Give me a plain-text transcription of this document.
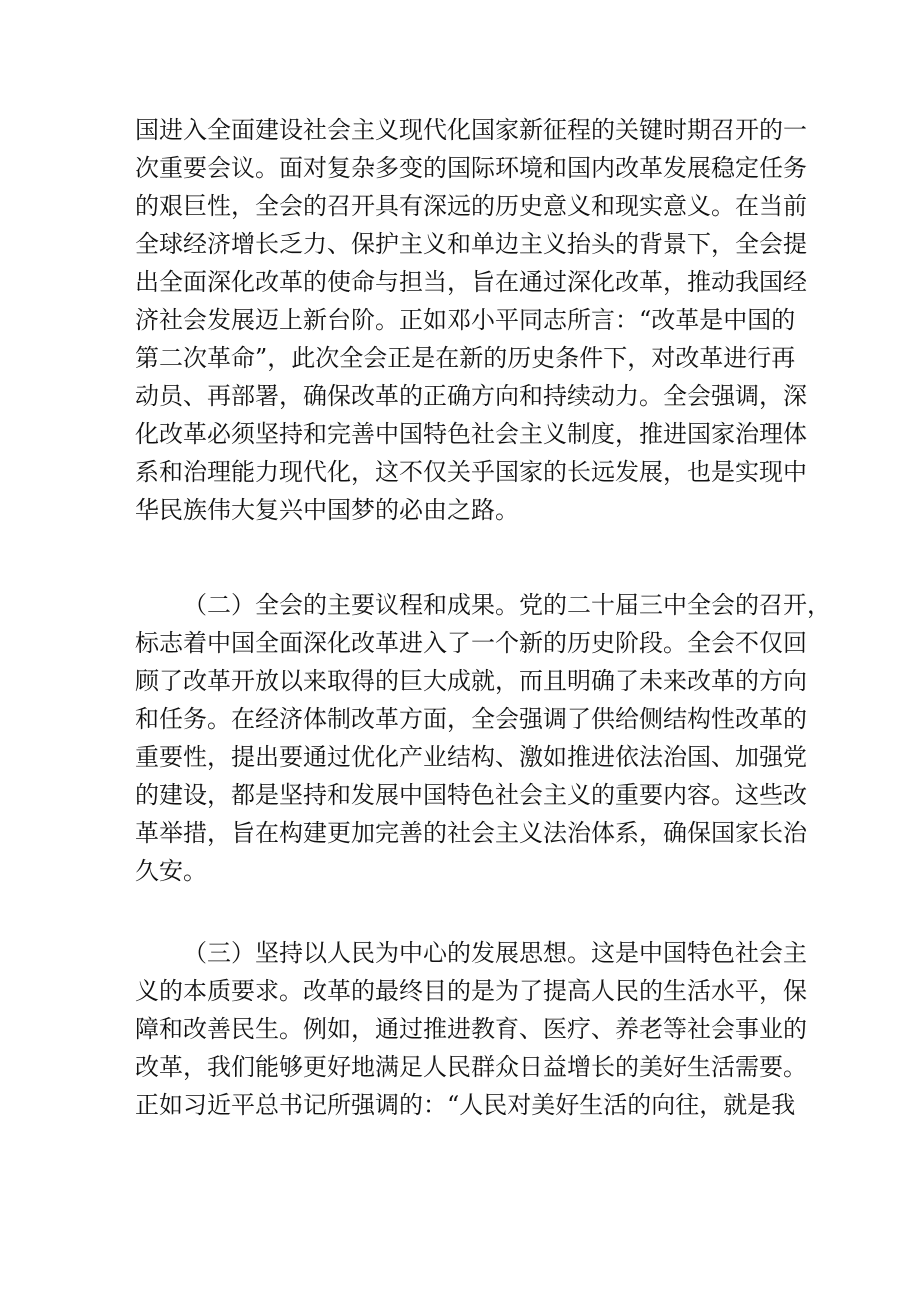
国进入全面建设社会主义现代化国家新征程的关键时期召开的一
次重要会议。面对复杂多变的国际环境和国内改革发展稳定任务
的艰巨性，全会的召开具有深远的历史意义和现实意义。在当前
全球经济增长乏力、保护主义和单边主义抬头的背景下，全会提
出全面深化改革的使命与担当，旨在通过深化改革，推动我国经
济社会发展迈上新台阶。正如邓小平同志所言：“改革是中国的
第二次革命”，此次全会正是在新的历史条件下，对改革进行再
动员、再部署，确保改革的正确方向和持续动力。全会强调，深
化改革必须坚持和完善中国特色社会主义制度，推进国家治理体
系和治理能力现代化，这不仅关乎国家的长远发展，也是实现中
华民族伟大复兴中国梦的必由之路。
（二）全会的主要议程和成果。党的二十届三中全会的召开，
标志着中国全面深化改革进入了一个新的历史阶段。全会不仅回
顾了改革开放以来取得的巨大成就，而且明确了未来改革的方向
和任务。在经济体制改革方面，全会强调了供给侧结构性改革的
重要性，提出要通过优化产业结构、激如推进依法治国、加强党
的建设，都是坚持和发展中国特色社会主义的重要内容。这些改
革举措，旨在构建更加完善的社会主义法治体系，确保国家长治
久安。
（三）坚持以人民为中心的发展思想。这是中国特色社会主
义的本质要求。改革的最终目的是为了提高人民的生活水平，保
障和改善民生。例如，通过推进教育、医疗、养老等社会事业的
改革，我们能够更好地满足人民群众日益增长的美好生活需要。
正如习近平总书记所强调的：“人民对美好生活的向往，就是我
